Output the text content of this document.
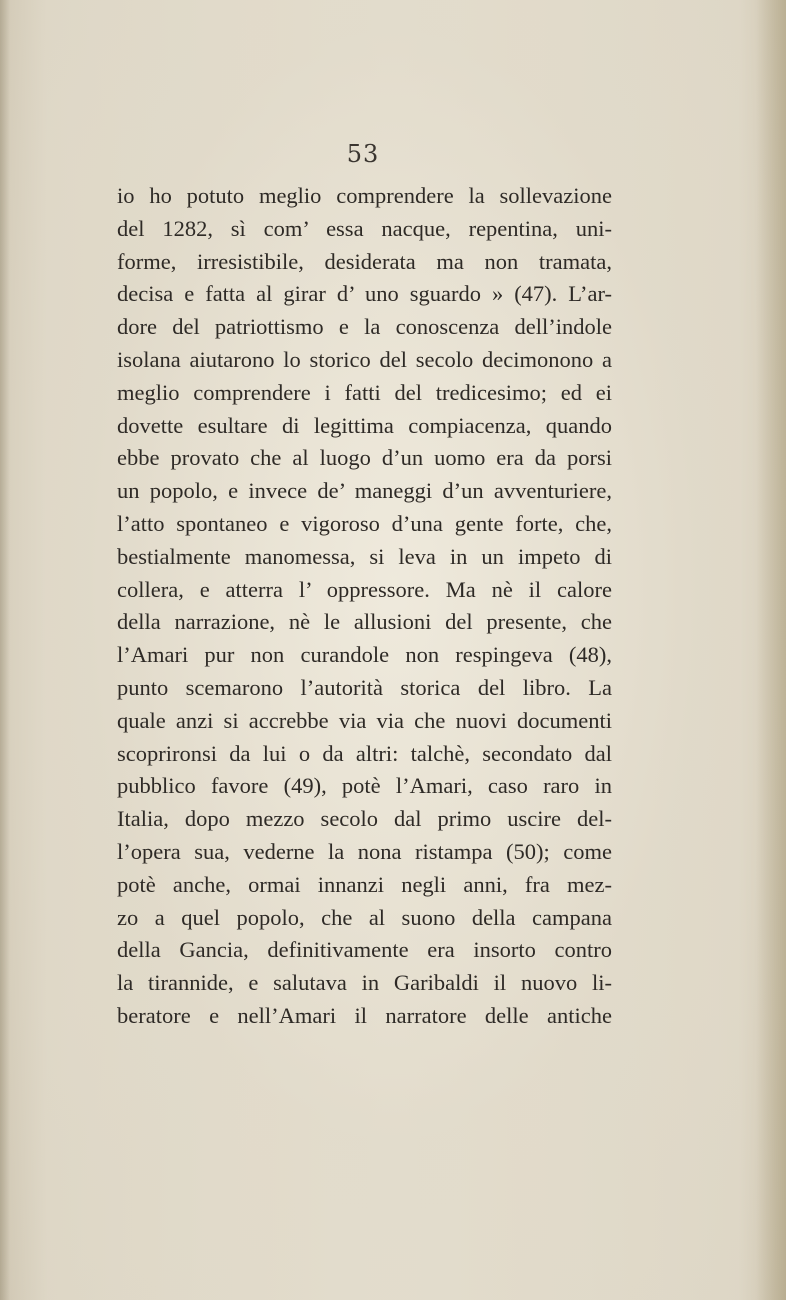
53
io ho potuto meglio comprendere la sollevazione
del 1282, sì com’ essa nacque, repentina, uni-
forme, irresistibile, desiderata ma non tramata,
decisa e fatta al girar d’ uno sguardo » (47). L’ar-
dore del patriottismo e la conoscenza dell’indole
isolana aiutarono lo storico del secolo decimonono a
meglio comprendere i fatti del tredicesimo; ed ei
dovette esultare di legittima compiacenza, quando
ebbe provato che al luogo d’un uomo era da porsi
un popolo, e invece de’ maneggi d’un avventuriere,
l’atto spontaneo e vigoroso d’una gente forte, che,
bestialmente manomessa, si leva in un impeto di
collera, e atterra l’ oppressore. Ma nè il calore
della narrazione, nè le allusioni del presente, che
l’Amari pur non curandole non respingeva (48),
punto scemarono l’autorità storica del libro. La
quale anzi si accrebbe via via che nuovi documenti
scoprironsi da lui o da altri: talchè, secondato dal
pubblico favore (49), potè l’Amari, caso raro in
Italia, dopo mezzo secolo dal primo uscire del-
l’opera sua, vederne la nona ristampa (50); come
potè anche, ormai innanzi negli anni, fra mez-
zo a quel popolo, che al suono della campana
della Gancia, definitivamente era insorto contro
la tirannide, e salutava in Garibaldi il nuovo li-
beratore e nell’Amari il narratore delle antiche
